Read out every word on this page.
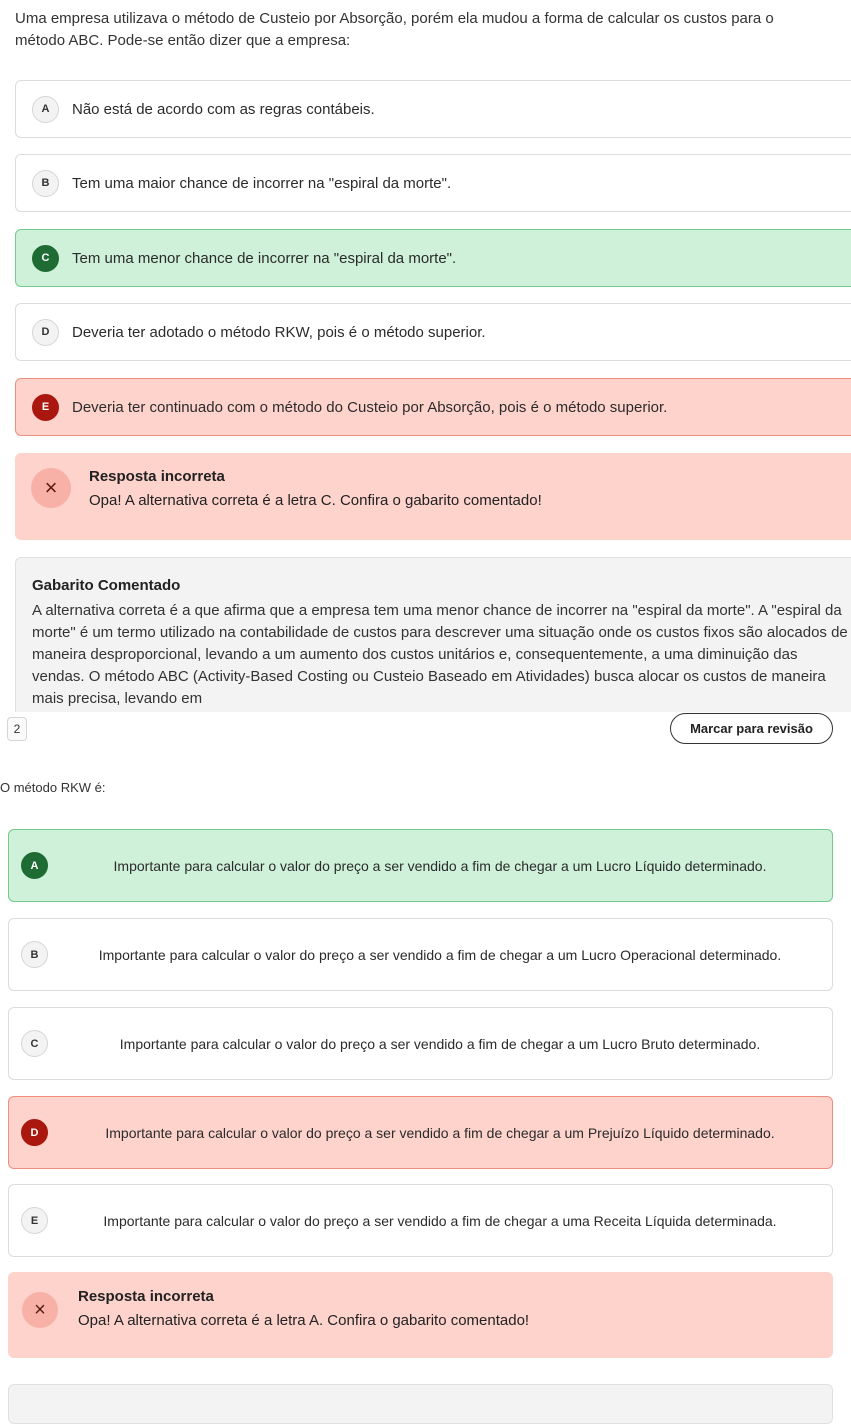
Uma empresa utilizava o método de Custeio por Absorção, porém ela mudou a forma de calcular os custos para o método ABC. Pode-se então dizer que a empresa:

A	Não está de acordo com as regras contábeis.
B	Tem uma maior chance de incorrer na "espiral da morte".
C	Tem uma menor chance de incorrer na "espiral da morte".
D	Deveria ter adotado o método RKW, pois é o método superior.
E	Deveria ter continuado com o método do Custeio por Absorção, pois é o método superior.
×	Resposta incorreta
Opa! A alternativa correta é a letra C. Confira o gabarito comentado!
Gabarito Comentado

A alternativa correta é a que afirma que a empresa tem uma menor chance de incorrer na "espiral da morte". A "espiral da morte" é um termo utilizado na contabilidade de custos para descrever uma situação onde os custos fixos são alocados de maneira desproporcional, levando a um aumento dos custos unitários e, consequentemente, a uma diminuição das vendas. O método ABC (Activity-Based Costing ou Custeio Baseado em Atividades) busca alocar os custos de maneira mais precisa, levando em

2	Marcar para revisão

O método RKW é:

A	Importante para calcular o valor do preço a ser vendido a fim de chegar a um Lucro Líquido determinado.
B	Importante para calcular o valor do preço a ser vendido a fim de chegar a um Lucro Operacional determinado.
C	Importante para calcular o valor do preço a ser vendido a fim de chegar a um Lucro Bruto determinado.
D	Importante para calcular o valor do preço a ser vendido a fim de chegar a um Prejuízo Líquido determinado.
E	Importante para calcular o valor do preço a ser vendido a fim de chegar a uma Receita Líquida determinada.
×
Resposta incorreta
Opa! A alternativa correta é a letra A. Confira o gabarito comentado!
